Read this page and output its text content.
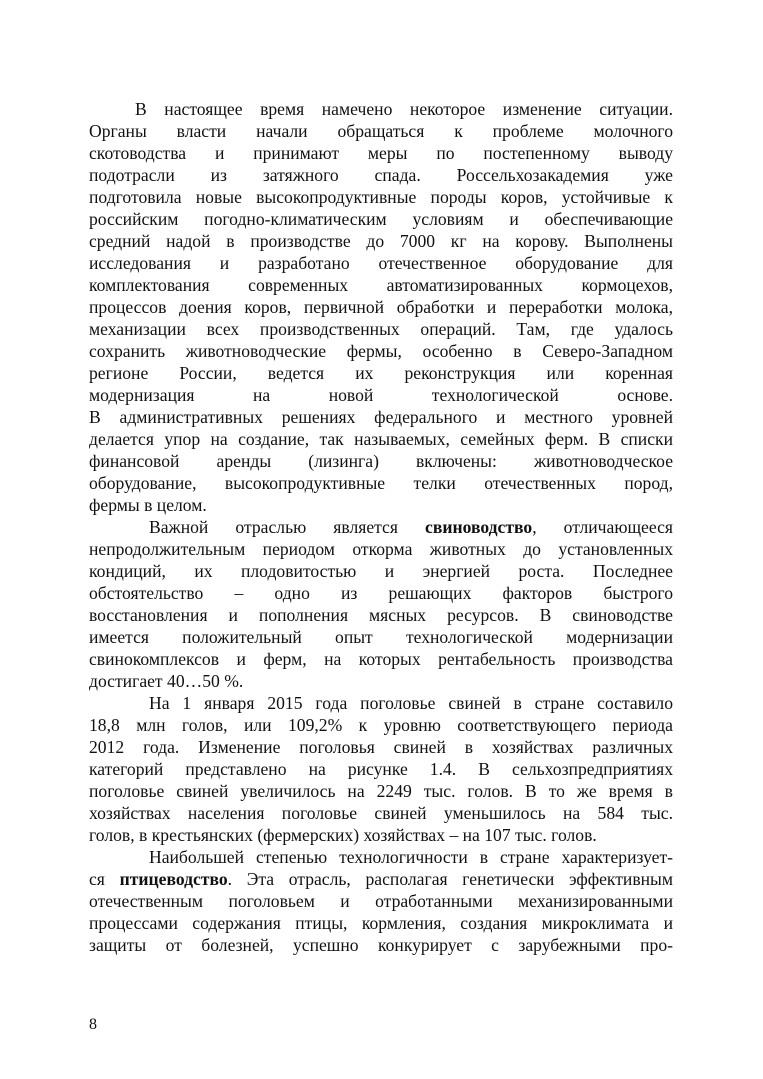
В настоящее время намечено некоторое изменение ситуации.
Органы власти начали обращаться к проблеме молочного
скотоводства и принимают меры по постепенному выводу
подотрасли из затяжного спада. Россельхозакадемия уже
подготовила новые высокопродуктивные породы коров, устойчивые к
российским погодно-климатическим условиям и обеспечивающие
средний надой в производстве до 7000 кг на корову. Выполнены
исследования и разработано отечественное оборудование для
комплектования современных автоматизированных кормоцехов,
процессов доения коров, первичной обработки и переработки молока,
механизации всех производственных операций. Там, где удалось
сохранить животноводческие фермы, особенно в Северо-Западном
регионе России, ведется их реконструкция или коренная
модернизация на новой технологической основе.
В административных решениях федерального и местного уровней
делается упор на создание, так называемых, семейных ферм. В списки
финансовой аренды (лизинга) включены: животноводческое
оборудование, высокопродуктивные телки отечественных пород,
фермы в целом.
Важной отраслью является свиноводство, отличающееся
непродолжительным периодом откорма животных до установленных
кондиций, их плодовитостью и энергией роста. Последнее
обстоятельство – одно из решающих факторов быстрого
восстановления и пополнения мясных ресурсов. В свиноводстве
имеется положительный опыт технологической модернизации
свинокомплексов и ферм, на которых рентабельность производства
достигает 40…50 %.
На 1 января 2015 года поголовье свиней в стране составило
18,8 млн голов, или 109,2% к уровню соответствующего периода
2012 года. Изменение поголовья свиней в хозяйствах различных
категорий представлено на рисунке 1.4. В сельхозпредприятиях
поголовье свиней увеличилось на 2249 тыс. голов. В то же время в
хозяйствах населения поголовье свиней уменьшилось на 584 тыс.
голов, в крестьянских (фермерских) хозяйствах – на 107 тыс. голов.
Наибольшей степенью технологичности в стране характеризует-
ся птицеводство. Эта отрасль, располагая генетически эффективным
отечественным поголовьем и отработанными механизированными
процессами содержания птицы, кормления, создания микроклимата и
защиты от болезней, успешно конкурирует с зарубежными про-
8
